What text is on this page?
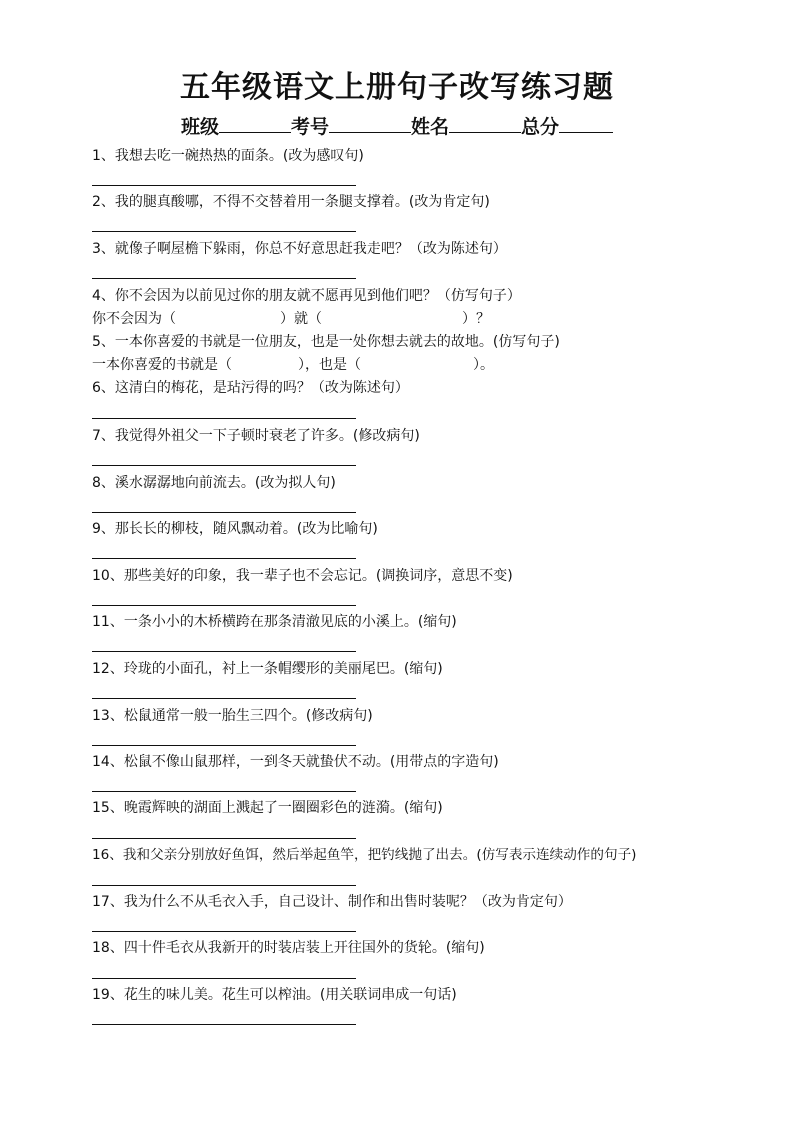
五年级语文上册句子改写练习题
班级	考号	姓名	总分
1、我想去吃一碗热热的面条。(改为感叹句)
2、我的腿真酸哪，不得不交替着用一条腿支撑着。(改为肯定句)
3、就像子啊屋檐下躲雨，你总不好意思赶我走吧？（改为陈述句）
4、你不会因为以前见过你的朋友就不愿再见到他们吧？（仿写句子）
你不会因为（	）就（	）？
5、一本你喜爱的书就是一位朋友，也是一处你想去就去的故地。(仿写句子)
一本你喜爱的书就是（	），也是（	）。
6、这清白的梅花，是玷污得的吗？（改为陈述句）
7、我觉得外祖父一下子顿时衰老了许多。(修改病句)
8、溪水潺潺地向前流去。(改为拟人句)
9、那长长的柳枝，随风飘动着。(改为比喻句)
10、那些美好的印象，我一辈子也不会忘记。(调换词序，意思不变)
11、一条小小的木桥横跨在那条清澈见底的小溪上。(缩句)
12、玲珑的小面孔，衬上一条帽缨形的美丽尾巴。(缩句)
13、松鼠通常一般一胎生三四个。(修改病句)
14、松鼠不像山鼠那样，一到冬天就蛰伏不动。(用带点的字造句)
15、晚霞辉映的湖面上溅起了一圈圈彩色的涟漪。(缩句)
16、我和父亲分别放好鱼饵，然后举起鱼竿，把钓线抛了出去。(仿写表示连续动作的句子)
17、我为什么不从毛衣入手，自己设计、制作和出售时装呢？（改为肯定句）
18、四十件毛衣从我新开的时装店装上开往国外的货轮。(缩句)
19、花生的味儿美。花生可以榨油。(用关联词串成一句话)
